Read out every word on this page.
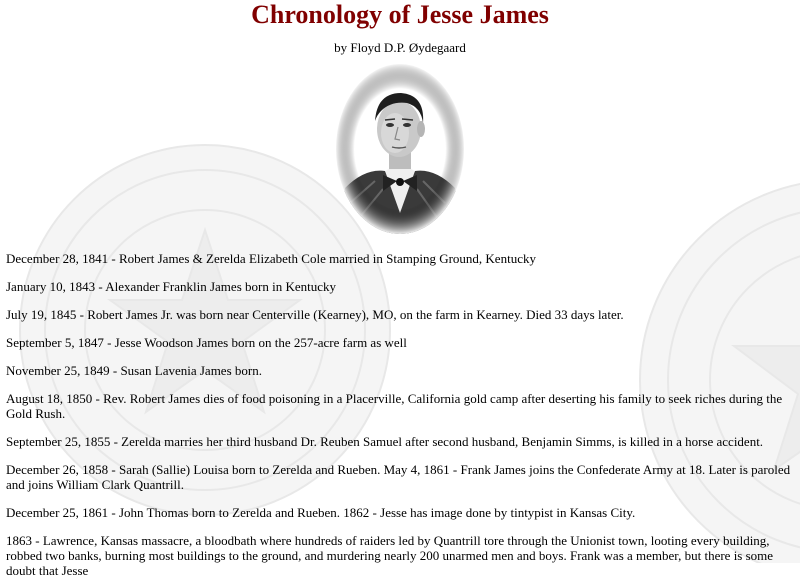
Chronology of Jesse James
by Floyd D.P. Øydegaard

December 28, 1841 - Robert James & Zerelda Elizabeth Cole married in Stamping Ground, Kentucky

January 10, 1843 - Alexander Franklin James born in Kentucky

July 19, 1845 - Robert James Jr. was born near Centerville (Kearney), MO, on the farm in Kearney. Died 33 days later.

September 5, 1847 - Jesse Woodson James born on the 257-acre farm as well

November 25, 1849 - Susan Lavenia James born.

August 18, 1850 - Rev. Robert James dies of food poisoning in a Placerville, California gold camp after deserting his family to seek riches during the Gold Rush.

September 25, 1855 - Zerelda marries her third husband Dr. Reuben Samuel after second husband, Benjamin Simms, is killed in a horse accident.

December 26, 1858 - Sarah (Sallie) Louisa born to Zerelda and Rueben. May 4, 1861 - Frank James joins the Confederate Army at 18. Later is paroled and joins William Clark Quantrill.

December 25, 1861 - John Thomas born to Zerelda and Rueben. 1862 - Jesse has image done by tintypist in Kansas City.

1863 - Lawrence, Kansas massacre, a bloodbath where hundreds of raiders led by Quantrill tore through the Unionist town, looting every building, robbed two banks, burning most buildings to the ground, and murdering nearly 200 unarmed men and boys. Frank was a member, but there is some doubt that Jesse
